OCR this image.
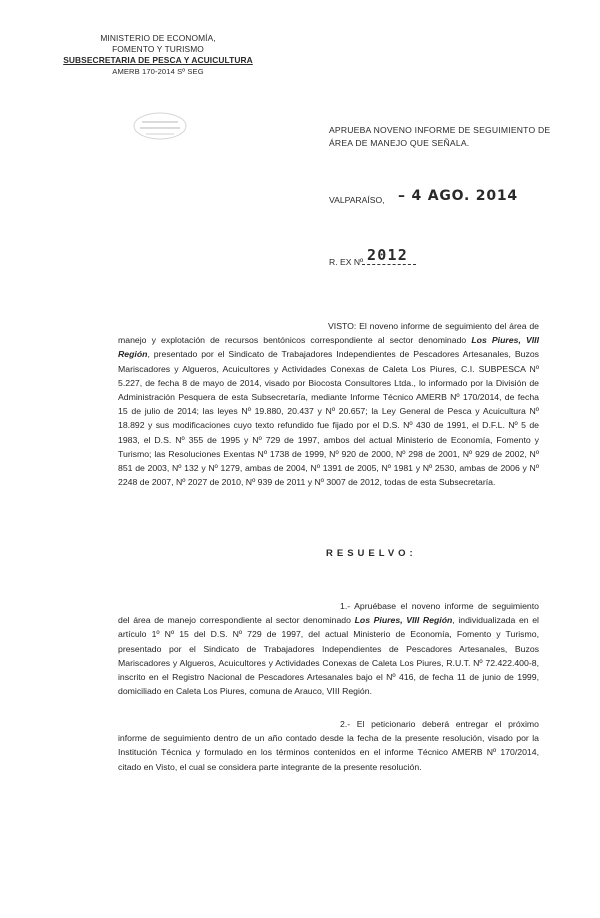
MINISTERIO DE ECONOMÍA,
FOMENTO Y TURISMO
SUBSECRETARIA DE PESCA Y ACUICULTURA
AMERB 170-2014 Sº SEG
APRUEBA NOVENO INFORME DE SEGUIMIENTO DE ÁREA DE MANEJO QUE SEÑALA.
VALPARAÍSO, – 4 AGO. 2014
R. EX Nº 2012
VISTO: El noveno informe de seguimiento del área de manejo y explotación de recursos bentónicos correspondiente al sector denominado Los Piures, VIII Región, presentado por el Sindicato de Trabajadores Independientes de Pescadores Artesanales, Buzos Mariscadores y Algueros, Acuicultores y Actividades Conexas de Caleta Los Piures, C.I. SUBPESCA Nº 5.227, de fecha 8 de mayo de 2014, visado por Biocosta Consultores Ltda., lo informado por la División de Administración Pesquera de esta Subsecretaría, mediante Informe Técnico AMERB Nº 170/2014, de fecha 15 de julio de 2014; las leyes Nº 19.880, 20.437 y Nº 20.657; la Ley General de Pesca y Acuicultura Nº 18.892 y sus modificaciones cuyo texto refundido fue fijado por el D.S. Nº 430 de 1991, el D.F.L. Nº 5 de 1983, el D.S. Nº 355 de 1995 y Nº 729 de 1997, ambos del actual Ministerio de Economía, Fomento y Turismo; las Resoluciones Exentas Nº 1738 de 1999, Nº 920 de 2000, Nº 298 de 2001, Nº 929 de 2002, Nº 851 de 2003, Nº 132 y Nº 1279, ambas de 2004, Nº 1391 de 2005, Nº 1981 y Nº 2530, ambas de 2006 y Nº 2248 de 2007, Nº 2027 de 2010, Nº 939 de 2011 y Nº 3007 de 2012, todas de esta Subsecretaría.
RESUELVO:
1.- Apruébase el noveno informe de seguimiento del área de manejo correspondiente al sector denominado Los Piures, VIII Región, individualizada en el artículo 1º Nº 15 del D.S. Nº 729 de 1997, del actual Ministerio de Economía, Fomento y Turismo, presentado por el Sindicato de Trabajadores Independientes de Pescadores Artesanales, Buzos Mariscadores y Algueros, Acuicultores y Actividades Conexas de Caleta Los Piures, R.U.T. Nº 72.422.400-8, inscrito en el Registro Nacional de Pescadores Artesanales bajo el Nº 416, de fecha 11 de junio de 1999, domiciliado en Caleta Los Piures, comuna de Arauco, VIII Región.
2.- El peticionario deberá entregar el próximo informe de seguimiento dentro de un año contado desde la fecha de la presente resolución, visado por la Institución Técnica y formulado en los términos contenidos en el informe Técnico AMERB Nº 170/2014, citado en Visto, el cual se considera parte integrante de la presente resolución.
